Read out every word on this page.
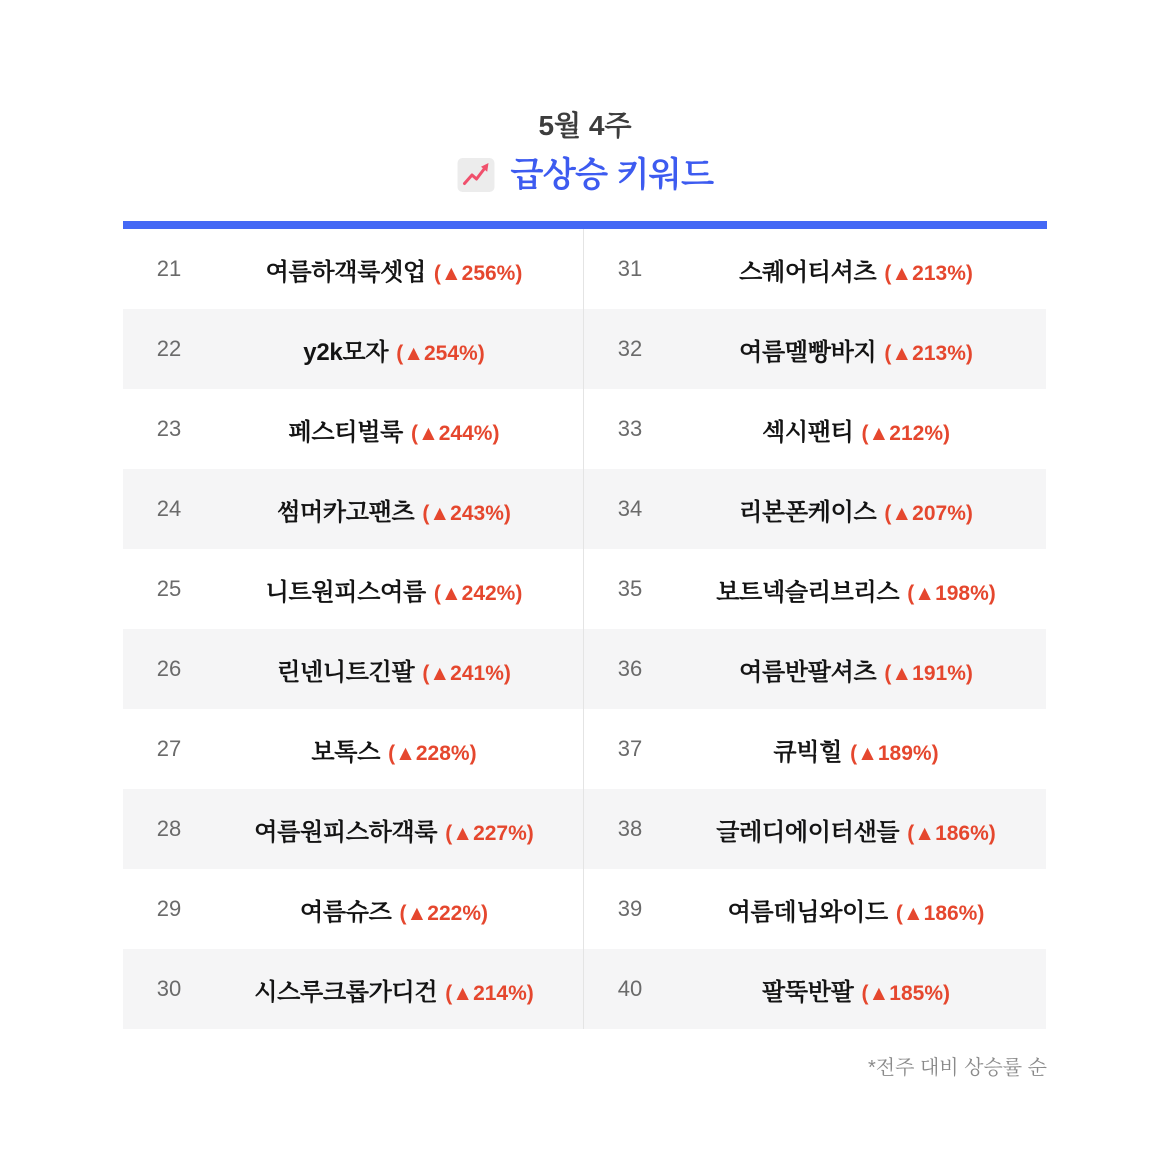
5월 4주
급상승 키워드
21	여름하객룩셋업 (▲256%)
22	y2k모자 (▲254%)
23	페스티벌룩 (▲244%)
24	썸머카고팬츠 (▲243%)
25	니트원피스여름 (▲242%)
26	린넨니트긴팔 (▲241%)
27	보톡스 (▲228%)
28	여름원피스하객룩 (▲227%)
29	여름슈즈 (▲222%)
30	시스루크롭가디건 (▲214%)
31	스퀘어티셔츠 (▲213%)
32	여름멜빵바지 (▲213%)
33	섹시팬티 (▲212%)
34	리본폰케이스 (▲207%)
35	보트넥슬리브리스 (▲198%)
36	여름반팔셔츠 (▲191%)
37	큐빅힐 (▲189%)
38	글레디에이터샌들 (▲186%)
39	여름데님와이드 (▲186%)
40	팔뚝반팔 (▲185%)
*전주 대비 상승률 순
